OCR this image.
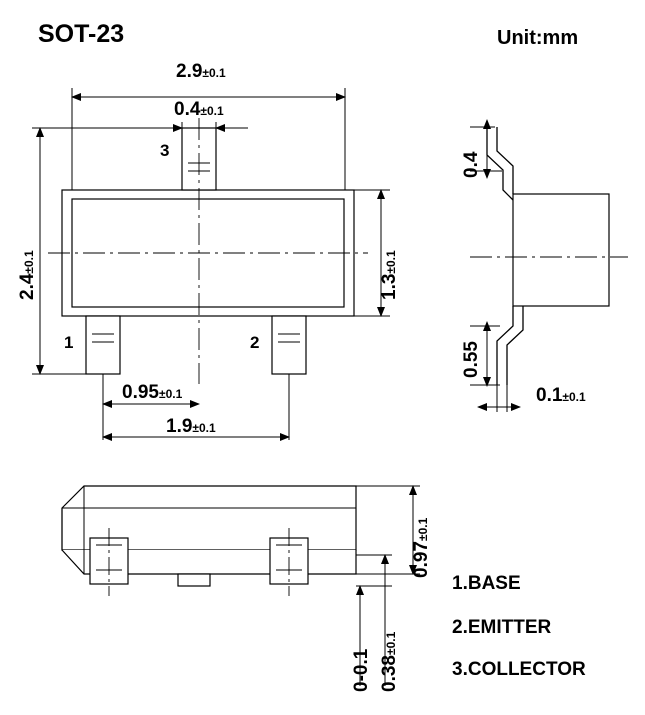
SOT-23	Unit:mm
2.9±0.1
0.4±0.1
2.4±0.1
1.3±0.1
0.95±0.1
1.9±0.1
0.4
0.55
0.1±0.1
0.97±0.1
0-0.1 0.38±0.1
3
1	2
1.BASE
2.EMITTER
3.COLLECTOR
